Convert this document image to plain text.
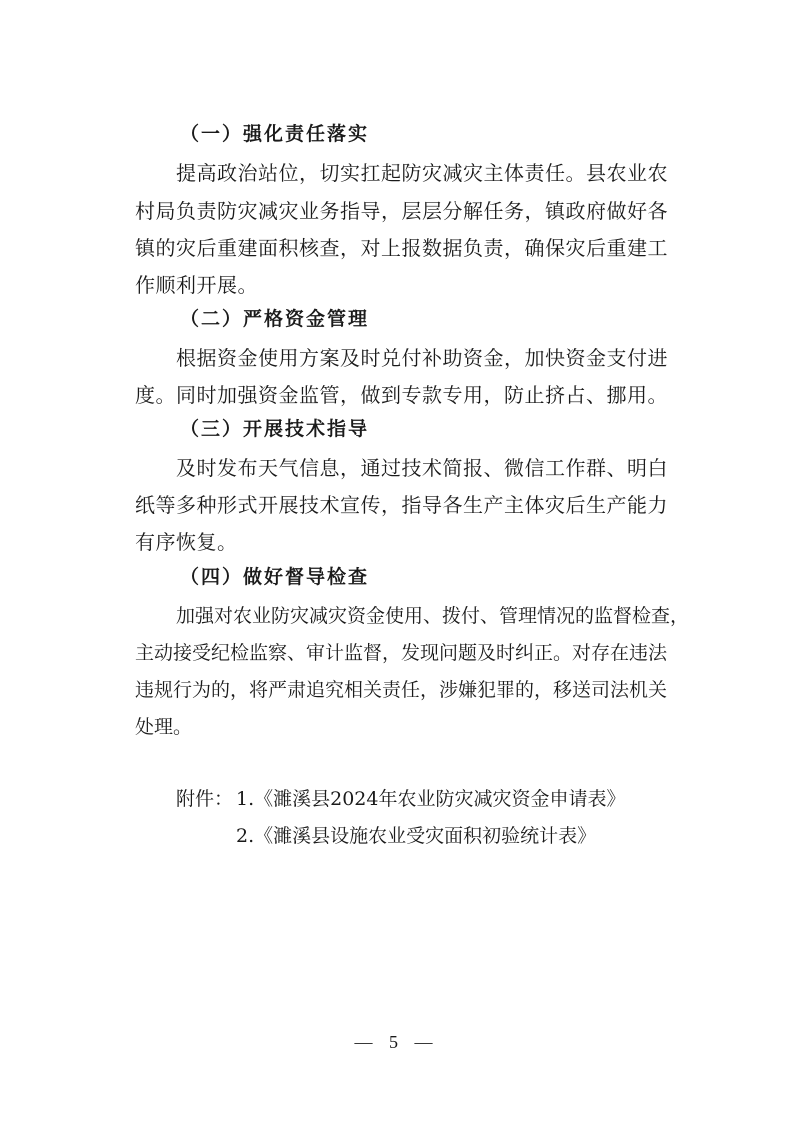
（一）强化责任落实
提高政治站位，切实扛起防灾减灾主体责任。县农业农
村局负责防灾减灾业务指导，层层分解任务，镇政府做好各
镇的灾后重建面积核查，对上报数据负责，确保灾后重建工
作顺利开展。
（二）严格资金管理
根据资金使用方案及时兑付补助资金，加快资金支付进
度。同时加强资金监管，做到专款专用，防止挤占、挪用。
（三）开展技术指导
及时发布天气信息，通过技术简报、微信工作群、明白
纸等多种形式开展技术宣传，指导各生产主体灾后生产能力
有序恢复。
（四）做好督导检查
加强对农业防灾减灾资金使用、拨付、管理情况的监督检查，
主动接受纪检监察、审计监督，发现问题及时纠正。对存在违法
违规行为的，将严肃追究相关责任，涉嫌犯罪的，移送司法机关
处理。
附件： 1.《濉溪县2024年农业防灾减灾资金申请表》
2.《濉溪县设施农业受灾面积初验统计表》
— 5 —
